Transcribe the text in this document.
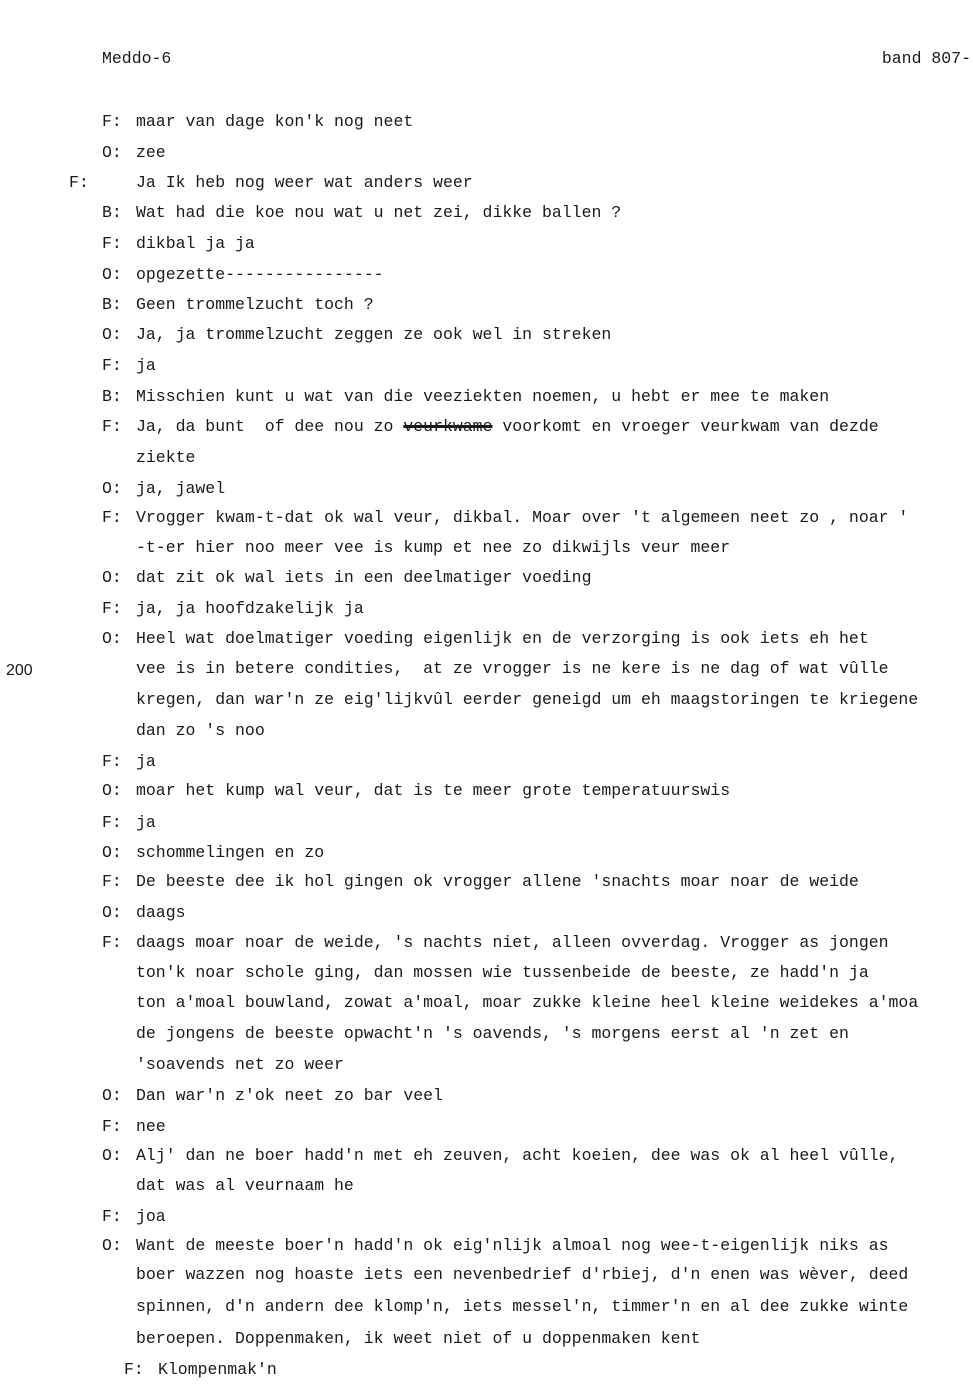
Meddo-6	band 807-
200
F: maar van dage kon'k nog neet
O: zee
F:	Ja Ik heb nog weer wat anders weer
B: Wat had die koe nou wat u net zei, dikke ballen ?
F: dikbal ja ja
O: opgezette----------------
B: Geen trommelzucht toch ?
O: Ja, ja trommelzucht zeggen ze ook wel in streken
F: ja
B: Misschien kunt u wat van die veeziekten noemen, u hebt er mee te maken
F: Ja, da bunt  of dee nou zo veurkwame voorkomt en vroeger veurkwam van dezde
ziekte
O: ja, jawel
F: Vrogger kwam-t-dat ok wal veur, dikbal. Moar over 't algemeen neet zo , noar '
-t-er hier noo meer vee is kump et nee zo dikwijls veur meer
O: dat zit ok wal iets in een deelmatiger voeding
F: ja, ja hoofdzakelijk ja
O: Heel wat doelmatiger voeding eigenlijk en de verzorging is ook iets eh het
vee is in betere condities,  at ze vrogger is ne kere is ne dag of wat vûlle
kregen, dan war'n ze eig'lijkvûl eerder geneigd um eh maagstoringen te kriegene
dan zo 's noo
F: ja
O: moar het kump wal veur, dat is te meer grote temperatuurswis
F: ja
O: schommelingen en zo
F: De beeste dee ik hol gingen ok vrogger allene 'snachts moar noar de weide
O: daags
F: daags moar noar de weide, 's nachts niet, alleen ovverdag. Vrogger as jongen
ton'k noar schole ging, dan mossen wie tussenbeide de beeste, ze hadd'n ja
ton a'moal bouwland, zowat a'moal, moar zukke kleine heel kleine weidekes a'moa
de jongens de beeste opwacht'n 's oavends, 's morgens eerst al 'n zet en
'soavends net zo weer
O: Dan war'n z'ok neet zo bar veel
F: nee
O: Alj' dan ne boer hadd'n met eh zeuven, acht koeien, dee was ok al heel vûlle,
dat was al veurnaam he
F: joa
O: Want de meeste boer'n hadd'n ok eig'nlijk almoal nog wee-t-eigenlijk niks as
boer wazzen nog hoaste iets een nevenbedrief d'rbiej, d'n enen was wèver, deed
spinnen, d'n andern dee klomp'n, iets messel'n, timmer'n en al dee zukke winte
beroepen. Doppenmaken, ik weet niet of u doppenmaken kent
F: Klompenmak'n
